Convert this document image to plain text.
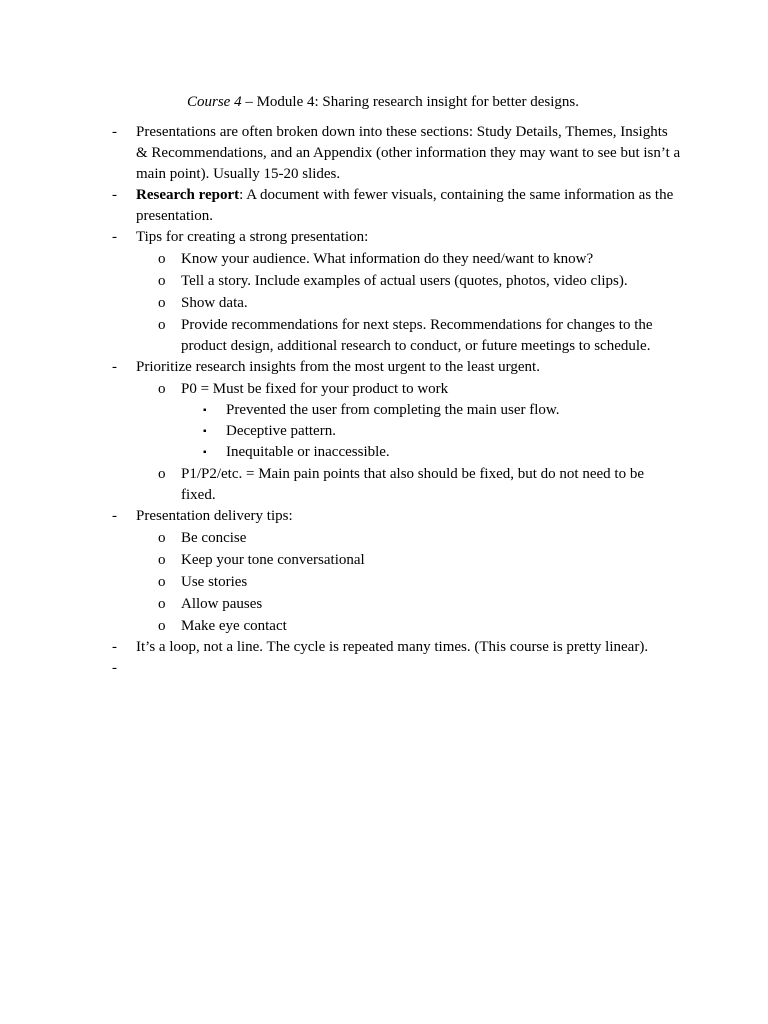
Course 4 – Module 4: Sharing research insight for better designs.
- Presentations are often broken down into these sections: Study Details, Themes, Insights & Recommendations, and an Appendix (other information they may want to see but isn’t a main point). Usually 15-20 slides.
- Research report: A document with fewer visuals, containing the same information as the presentation.
- Tips for creating a strong presentation:
o Know your audience. What information do they need/want to know?
o Tell a story. Include examples of actual users (quotes, photos, video clips).
o Show data.
o Provide recommendations for next steps. Recommendations for changes to the product design, additional research to conduct, or future meetings to schedule.
- Prioritize research insights from the most urgent to the least urgent.
o P0 = Must be fixed for your product to work
▪ Prevented the user from completing the main user flow.
▪ Deceptive pattern.
▪ Inequitable or inaccessible.
o P1/P2/etc. = Main pain points that also should be fixed, but do not need to be fixed.
- Presentation delivery tips:
o Be concise
o Keep your tone conversational
o Use stories
o Allow pauses
o Make eye contact
- It’s a loop, not a line. The cycle is repeated many times. (This course is pretty linear).
-
